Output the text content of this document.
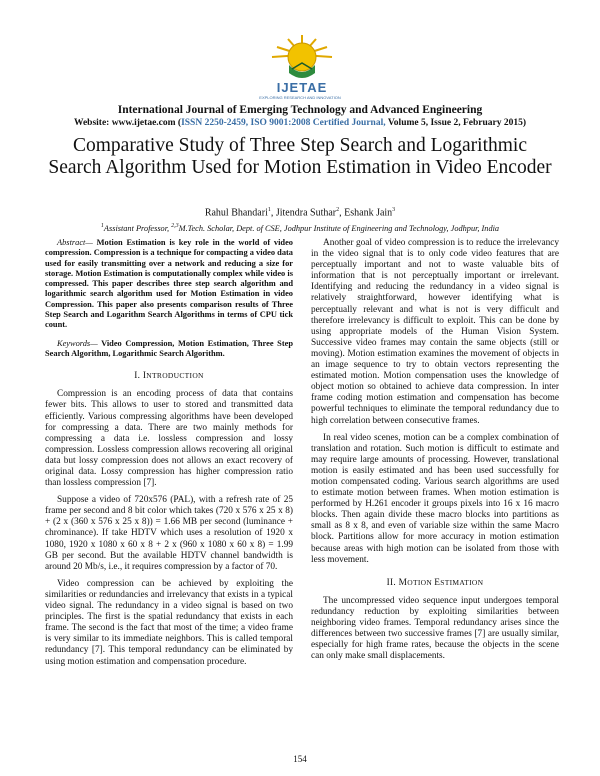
IJETAE
EXPLORING RESEARCH AND INNOVATION
International Journal of Emerging Technology and Advanced Engineering
Website: www.ijetae.com (ISSN 2250-2459, ISO 9001:2008 Certified Journal, Volume 5, Issue 2, February 2015)
Comparative Study of Three Step Search and Logarithmic Search Algorithm Used for Motion Estimation in Video Encoder
Rahul Bhandari$^1$, Jitendra Suthar$^2$, Eshank Jain$^3$
$^1$Assistant Professor, $^{2,3}$M.Tech. Scholar, Dept. of CSE, Jodhpur Institute of Engineering and Technology, Jodhpur, India

Abstract— Motion Estimation is key role in the world of video compression. Compression is a technique for compacting a video data used for easily transmitting over a network and reducing a size for storage. Motion Estimation is computationally complex while video is compressed. This paper describes three step search algorithm and logarithmic search algorithm used for Motion Estimation in video Compression. This paper also presents comparison results of Three Step Search and Logarithm Search Algorithms in terms of CPU tick count.

Keywords— Video Compression, Motion Estimation, Three Step Search Algorithm, Logarithmic Search Algorithm.

I. INTRODUCTION

Compression is an encoding process of data that contains fewer bits. This allows to user to stored and transmitted data efficiently. Various compressing algorithms have been developed for compressing a data. There are two mainly methods for compressing a data i.e. lossless compression and lossy compression. Lossless compression allows recovering all original data but lossy compression does not allows an exact recovery of original data. Lossy compression has higher compression ratio than lossless compression [7].

Suppose a video of 720x576 (PAL), with a refresh rate of 25 frame per second and 8 bit color which takes (720 x 576 x 25 x 8) + (2 x (360 x 576 x 25 x 8)) = 1.66 MB per second (luminance + chrominance). If take HDTV which uses a resolution of 1920 x 1080, 1920 x 1080 x 60 x 8 + 2 x (960 x 1080 x 60 x 8) = 1.99 GB per second. But the available HDTV channel bandwidth is around 20 Mb/s, i.e., it requires compression by a factor of 70.

Video compression can be achieved by exploiting the similarities or redundancies and irrelevancy that exists in a typical video signal. The redundancy in a video signal is based on two principles. The first is the spatial redundancy that exists in each frame. The second is the fact that most of the time; a video frame is very similar to its immediate neighbors. This is called temporal redundancy [7]. This temporal redundancy can be eliminated by using motion estimation and compensation procedure.

Another goal of video compression is to reduce the irrelevancy in the video signal that is to only code video features that are perceptually important and not to waste valuable bits of information that is not perceptually important or irrelevant. Identifying and reducing the redundancy in a video signal is relatively straightforward, however identifying what is perceptually relevant and what is not is very difficult and therefore irrelevancy is difficult to exploit. This can be done by using appropriate models of the Human Vision System. Successive video frames may contain the same objects (still or moving). Motion estimation examines the movement of objects in an image sequence to try to obtain vectors representing the estimated motion. Motion compensation uses the knowledge of object motion so obtained to achieve data compression. In inter frame coding motion estimation and compensation has become powerful techniques to eliminate the temporal redundancy due to high correlation between consecutive frames.

In real video scenes, motion can be a complex combination of translation and rotation. Such motion is difficult to estimate and may require large amounts of processing. However, translational motion is easily estimated and has been used successfully for motion compensated coding. Various search algorithms are used to estimate motion between frames. When motion estimation is performed by H.261 encoder it groups pixels into 16 x 16 macro blocks. Then again divide these macro blocks into partitions as small as 8 x 8, and even of variable size within the same Macro block. Partitions allow for more accuracy in motion estimation because areas with high motion can be isolated from those with less movement.

II. MOTION ESTIMATION

The uncompressed video sequence input undergoes temporal redundancy reduction by exploiting similarities between neighboring video frames. Temporal redundancy arises since the differences between two successive frames [7] are usually similar, especially for high frame rates, because the objects in the scene can only make small displacements.

154
